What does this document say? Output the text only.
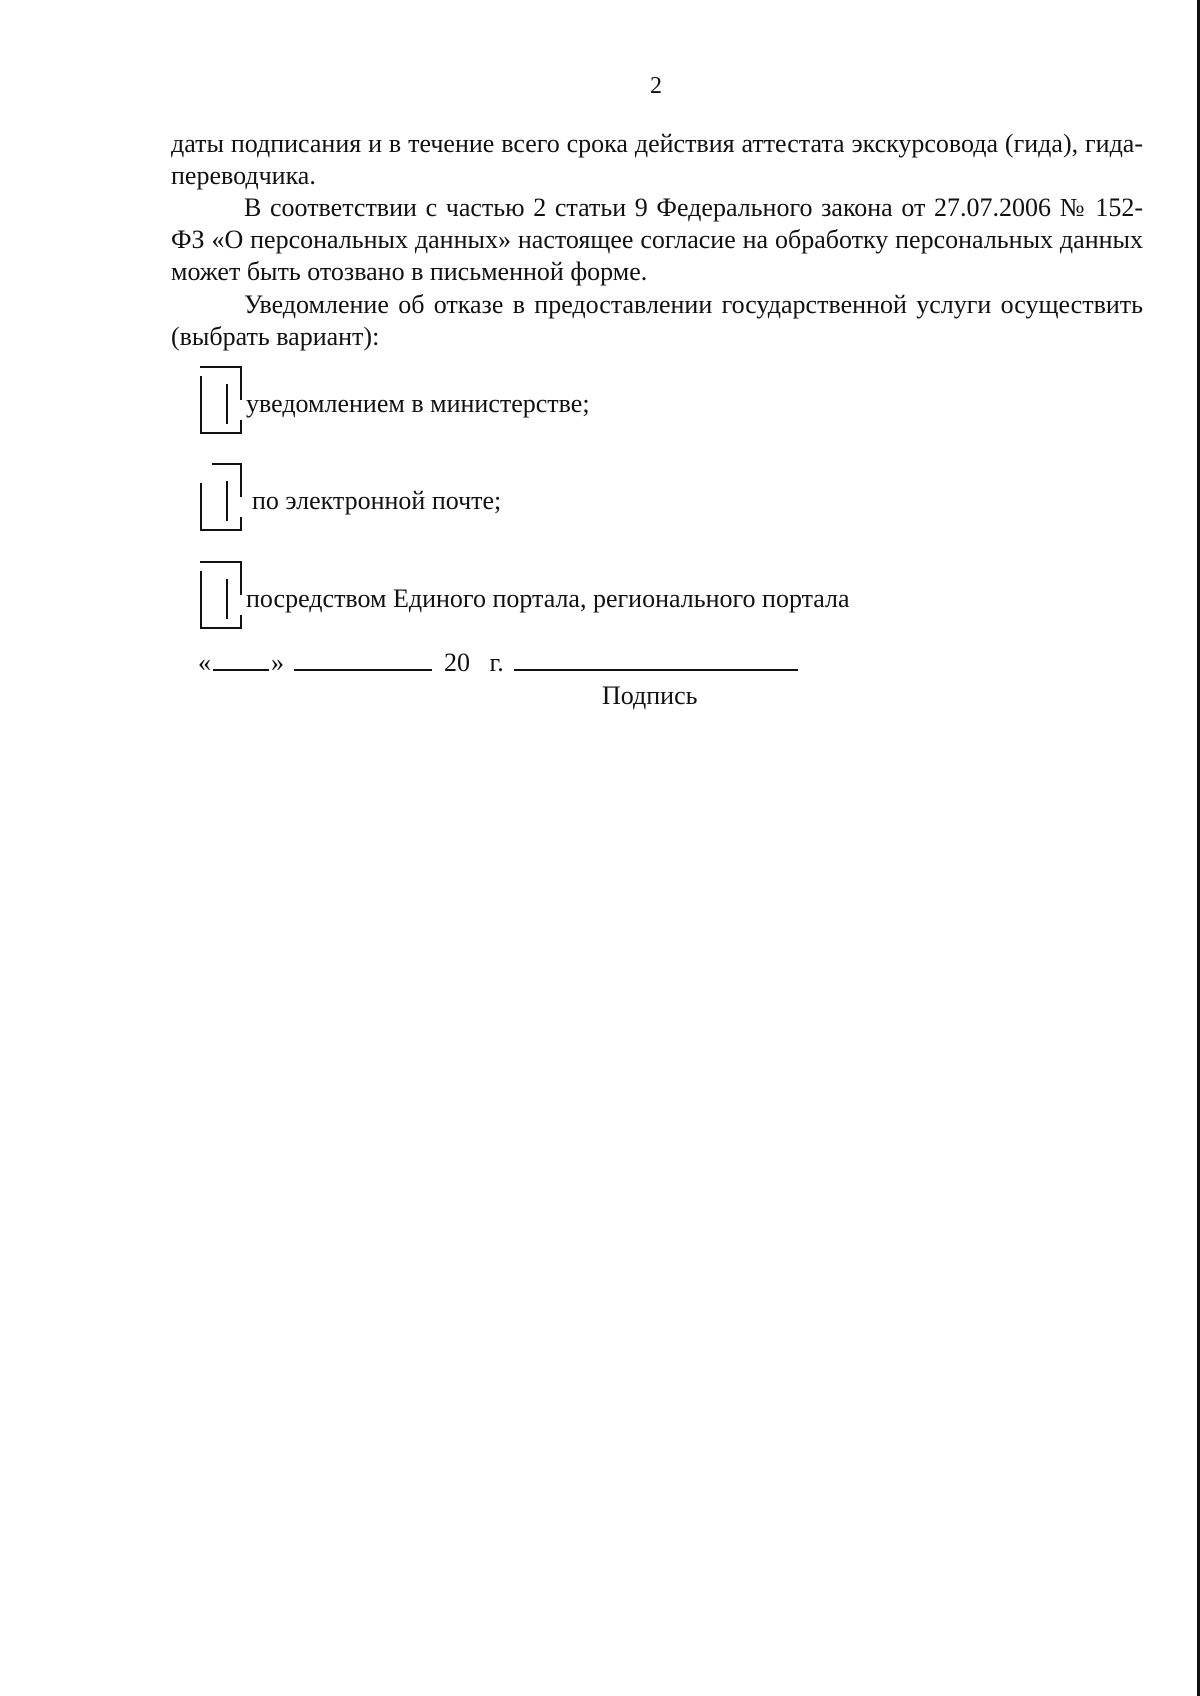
2
даты подписания и в течение всего срока действия аттестата экскурсовода (гида), гида-переводчика.
В соответствии с частью 2 статьи 9 Федерального закона от 27.07.2006 № 152-ФЗ «О персональных данных» настоящее согласие на обработку персональных данных может быть отозвано в письменной форме.
Уведомление об отказе в предоставлении государственной услуги осуществить (выбрать вариант):
уведомлением в министерстве;
по электронной почте;
посредством Единого портала, регионального портала
« »	20 г.
Подпись
